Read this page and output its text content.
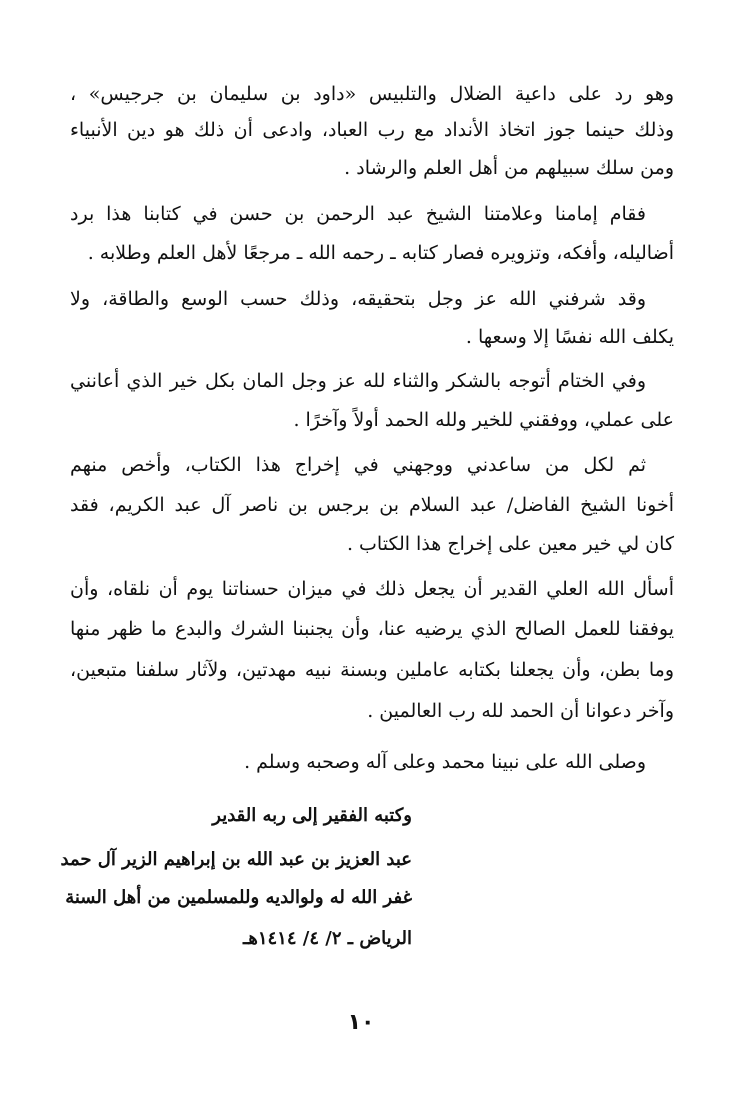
وهو رد على داعية الضلال والتلبيس «داود بن سليمان بن جرجيس» ،
وذلك حينما جوز اتخاذ الأنداد مع رب العباد، وادعى أن ذلك هو دين الأنبياء
ومن سلك سبيلهم من أهل العلم والرشاد .
فقام إمامنا وعلامتنا الشيخ عبد الرحمن بن حسن في كتابنا هذا برد
أضاليله، وأفكه، وتزويره فصار كتابه ـ رحمه الله ـ مرجعًا لأهل العلم وطلابه .
وقد شرفني الله عز وجل بتحقيقه، وذلك حسب الوسع والطاقة، ولا
يكلف الله نفسًا إلا وسعها .
وفي الختام أتوجه بالشكر والثناء لله عز وجل المان بكل خير الذي أعانني
على عملي، ووفقني للخير ولله الحمد أولاً وآخرًا .
ثم لكل من ساعدني ووجهني في إخراج هذا الكتاب، وأخص منهم
أخونا الشيخ الفاضل/ عبد السلام بن برجس بن ناصر آل عبد الكريم، فقد
كان لي خير معين على إخراج هذا الكتاب .
أسأل الله العلي القدير أن يجعل ذلك في ميزان حسناتنا يوم أن نلقاه، وأن
يوفقنا للعمل الصالح الذي يرضيه عنا، وأن يجنبنا الشرك والبدع ما ظهر منها
وما بطن، وأن يجعلنا بكتابه عاملين وبسنة نبيه مهدتين، ولآثار سلفنا متبعين،
وآخر دعوانا أن الحمد لله رب العالمين .
وصلى الله على نبينا محمد وعلى آله وصحبه وسلم .
وكتبه الفقير إلى ربه القدير
عبد العزيز بن عبد الله بن إبراهيم الزير آل حمد
غفر الله له ولوالديه وللمسلمين من أهل السنة
الرياض ـ ٢/ ٤/ ١٤١٤هـ
١٠
